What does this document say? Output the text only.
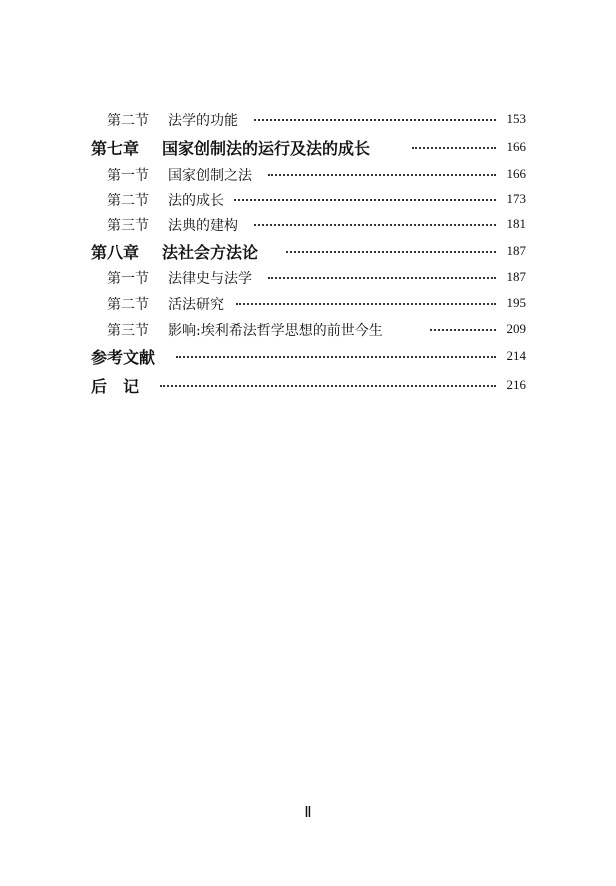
第二节 法学的功能	153
第七章 国家创制法的运行及法的成长	166
第一节 国家创制之法	166
第二节 法的成长	173
第三节 法典的建构	181
第八章 法社会方法论	187
第一节 法律史与法学	187
第二节 活法研究	195
第三节 影响:埃利希法哲学思想的前世今生	209
参考文献	214
后　记	216
Ⅱ
